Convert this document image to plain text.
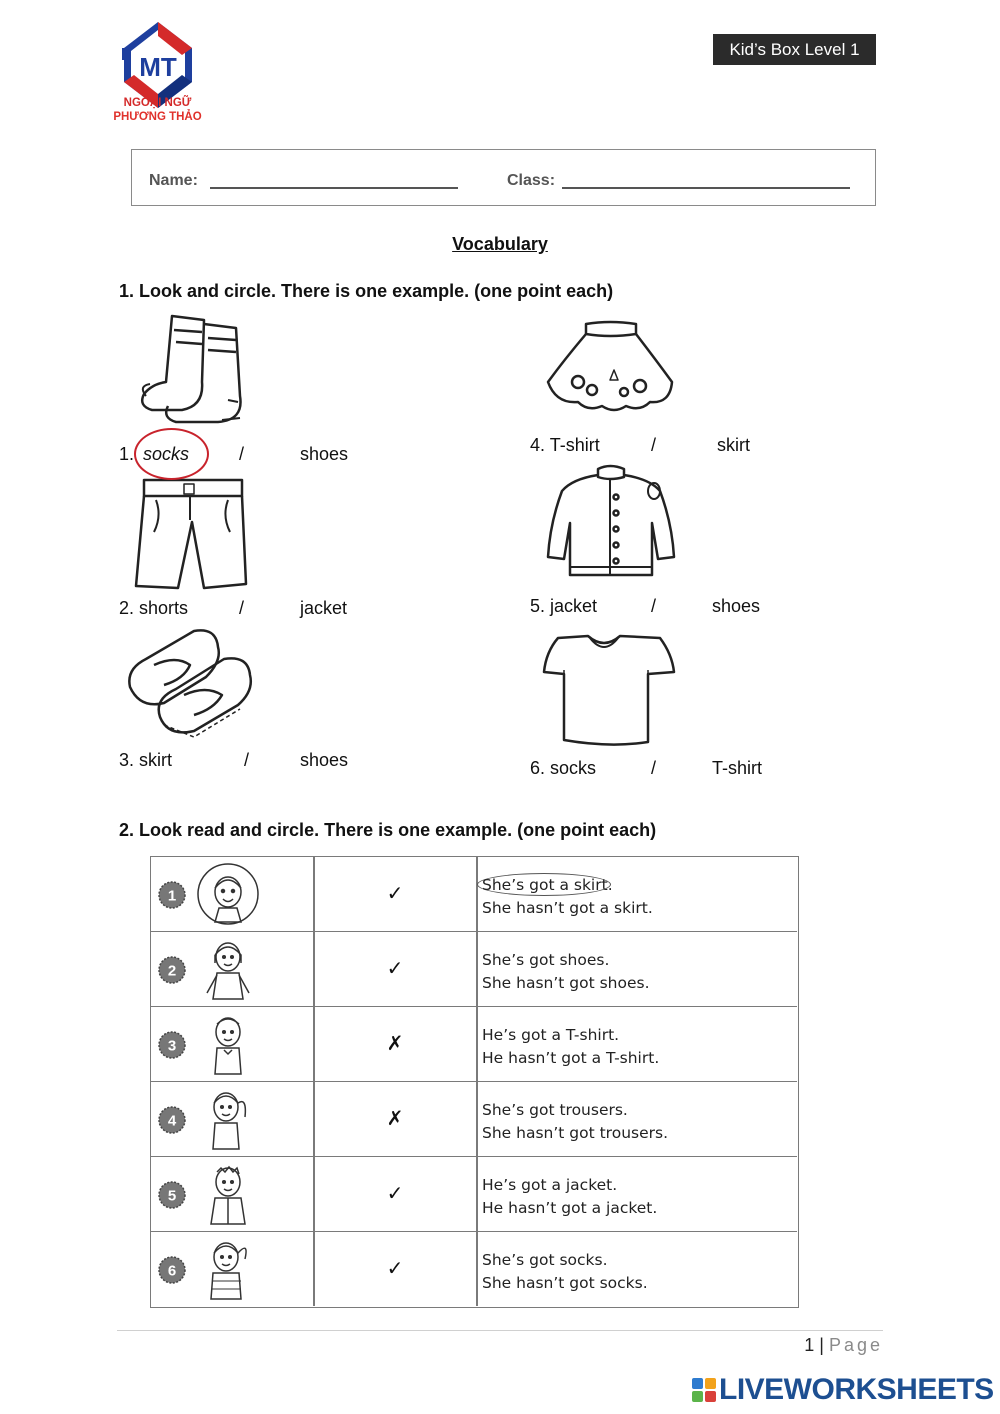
MT
NGOẠI NGỮ
PHƯƠNG THẢO
Kid’s Box Level 1
Name:	Class:
Vocabulary
1. Look and circle. There is one example. (one point each)
1. socks	/	shoes
2. shorts	/	jacket
3. skirt	/	shoes
4. T-shirt	/	skirt
5. jacket	/	shoes
6. socks	/	T-shirt
2. Look read and circle. There is one example. (one point each)
1	✓	She’s got a skirt.
She hasn’t got a skirt.
2	✓	She’s got shoes.
She hasn’t got shoes.
3	✗	He’s got a T-shirt.
He hasn’t got a T-shirt.
4	✗	She’s got trousers.
She hasn’t got trousers.
5	✓	He’s got a jacket.
He hasn’t got a jacket.
6	✓	She’s got socks.
She hasn’t got socks.
1 | Page
LIVEWORKSHEETS
